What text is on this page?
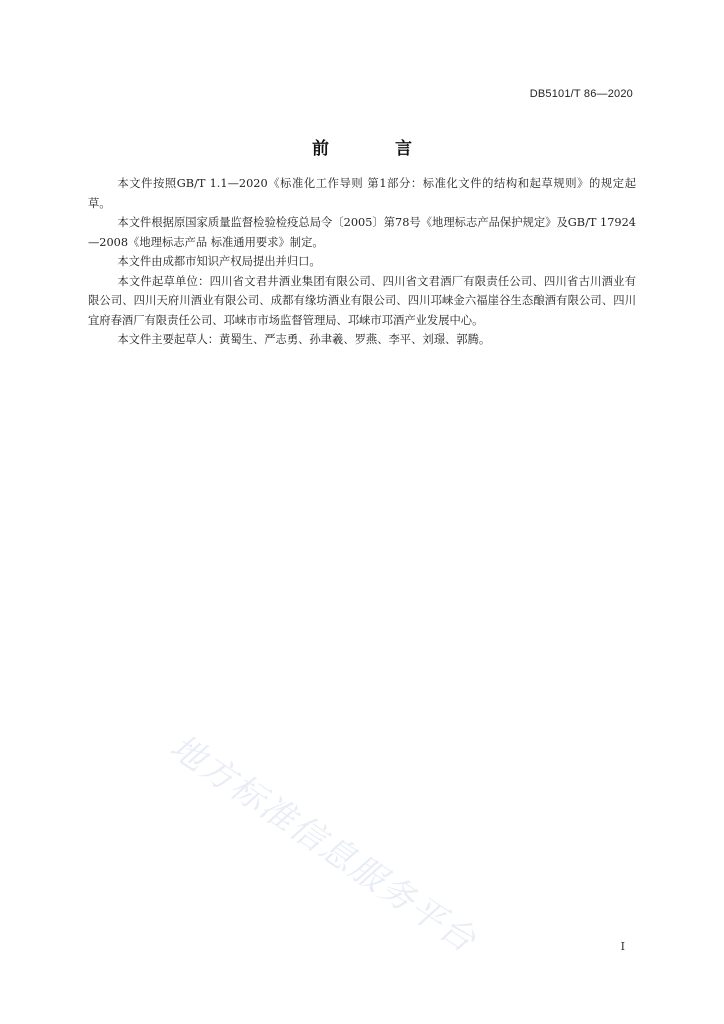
DB5101/T 86—2020
前 言

本文件按照GB/T 1.1—2020《标准化工作导则 第1部分：标准化文件的结构和起草规则》的规定起草。

本文件根据原国家质量监督检验检疫总局令〔2005〕第78号《地理标志产品保护规定》及GB/T 17924—2008《地理标志产品 标准通用要求》制定。

本文件由成都市知识产权局提出并归口。

本文件起草单位：四川省文君井酒业集团有限公司、四川省文君酒厂有限责任公司、四川省古川酒业有限公司、四川天府川酒业有限公司、成都有缘坊酒业有限公司、四川邛崃金六福崖谷生态酿酒有限公司、四川宜府春酒厂有限责任公司、邛崃市市场监督管理局、邛崃市邛酒产业发展中心。

本文件主要起草人：黄蜀生、严志勇、孙聿羲、罗燕、李平、刘璟、郭腾。

地方标准信息服务平台	I
